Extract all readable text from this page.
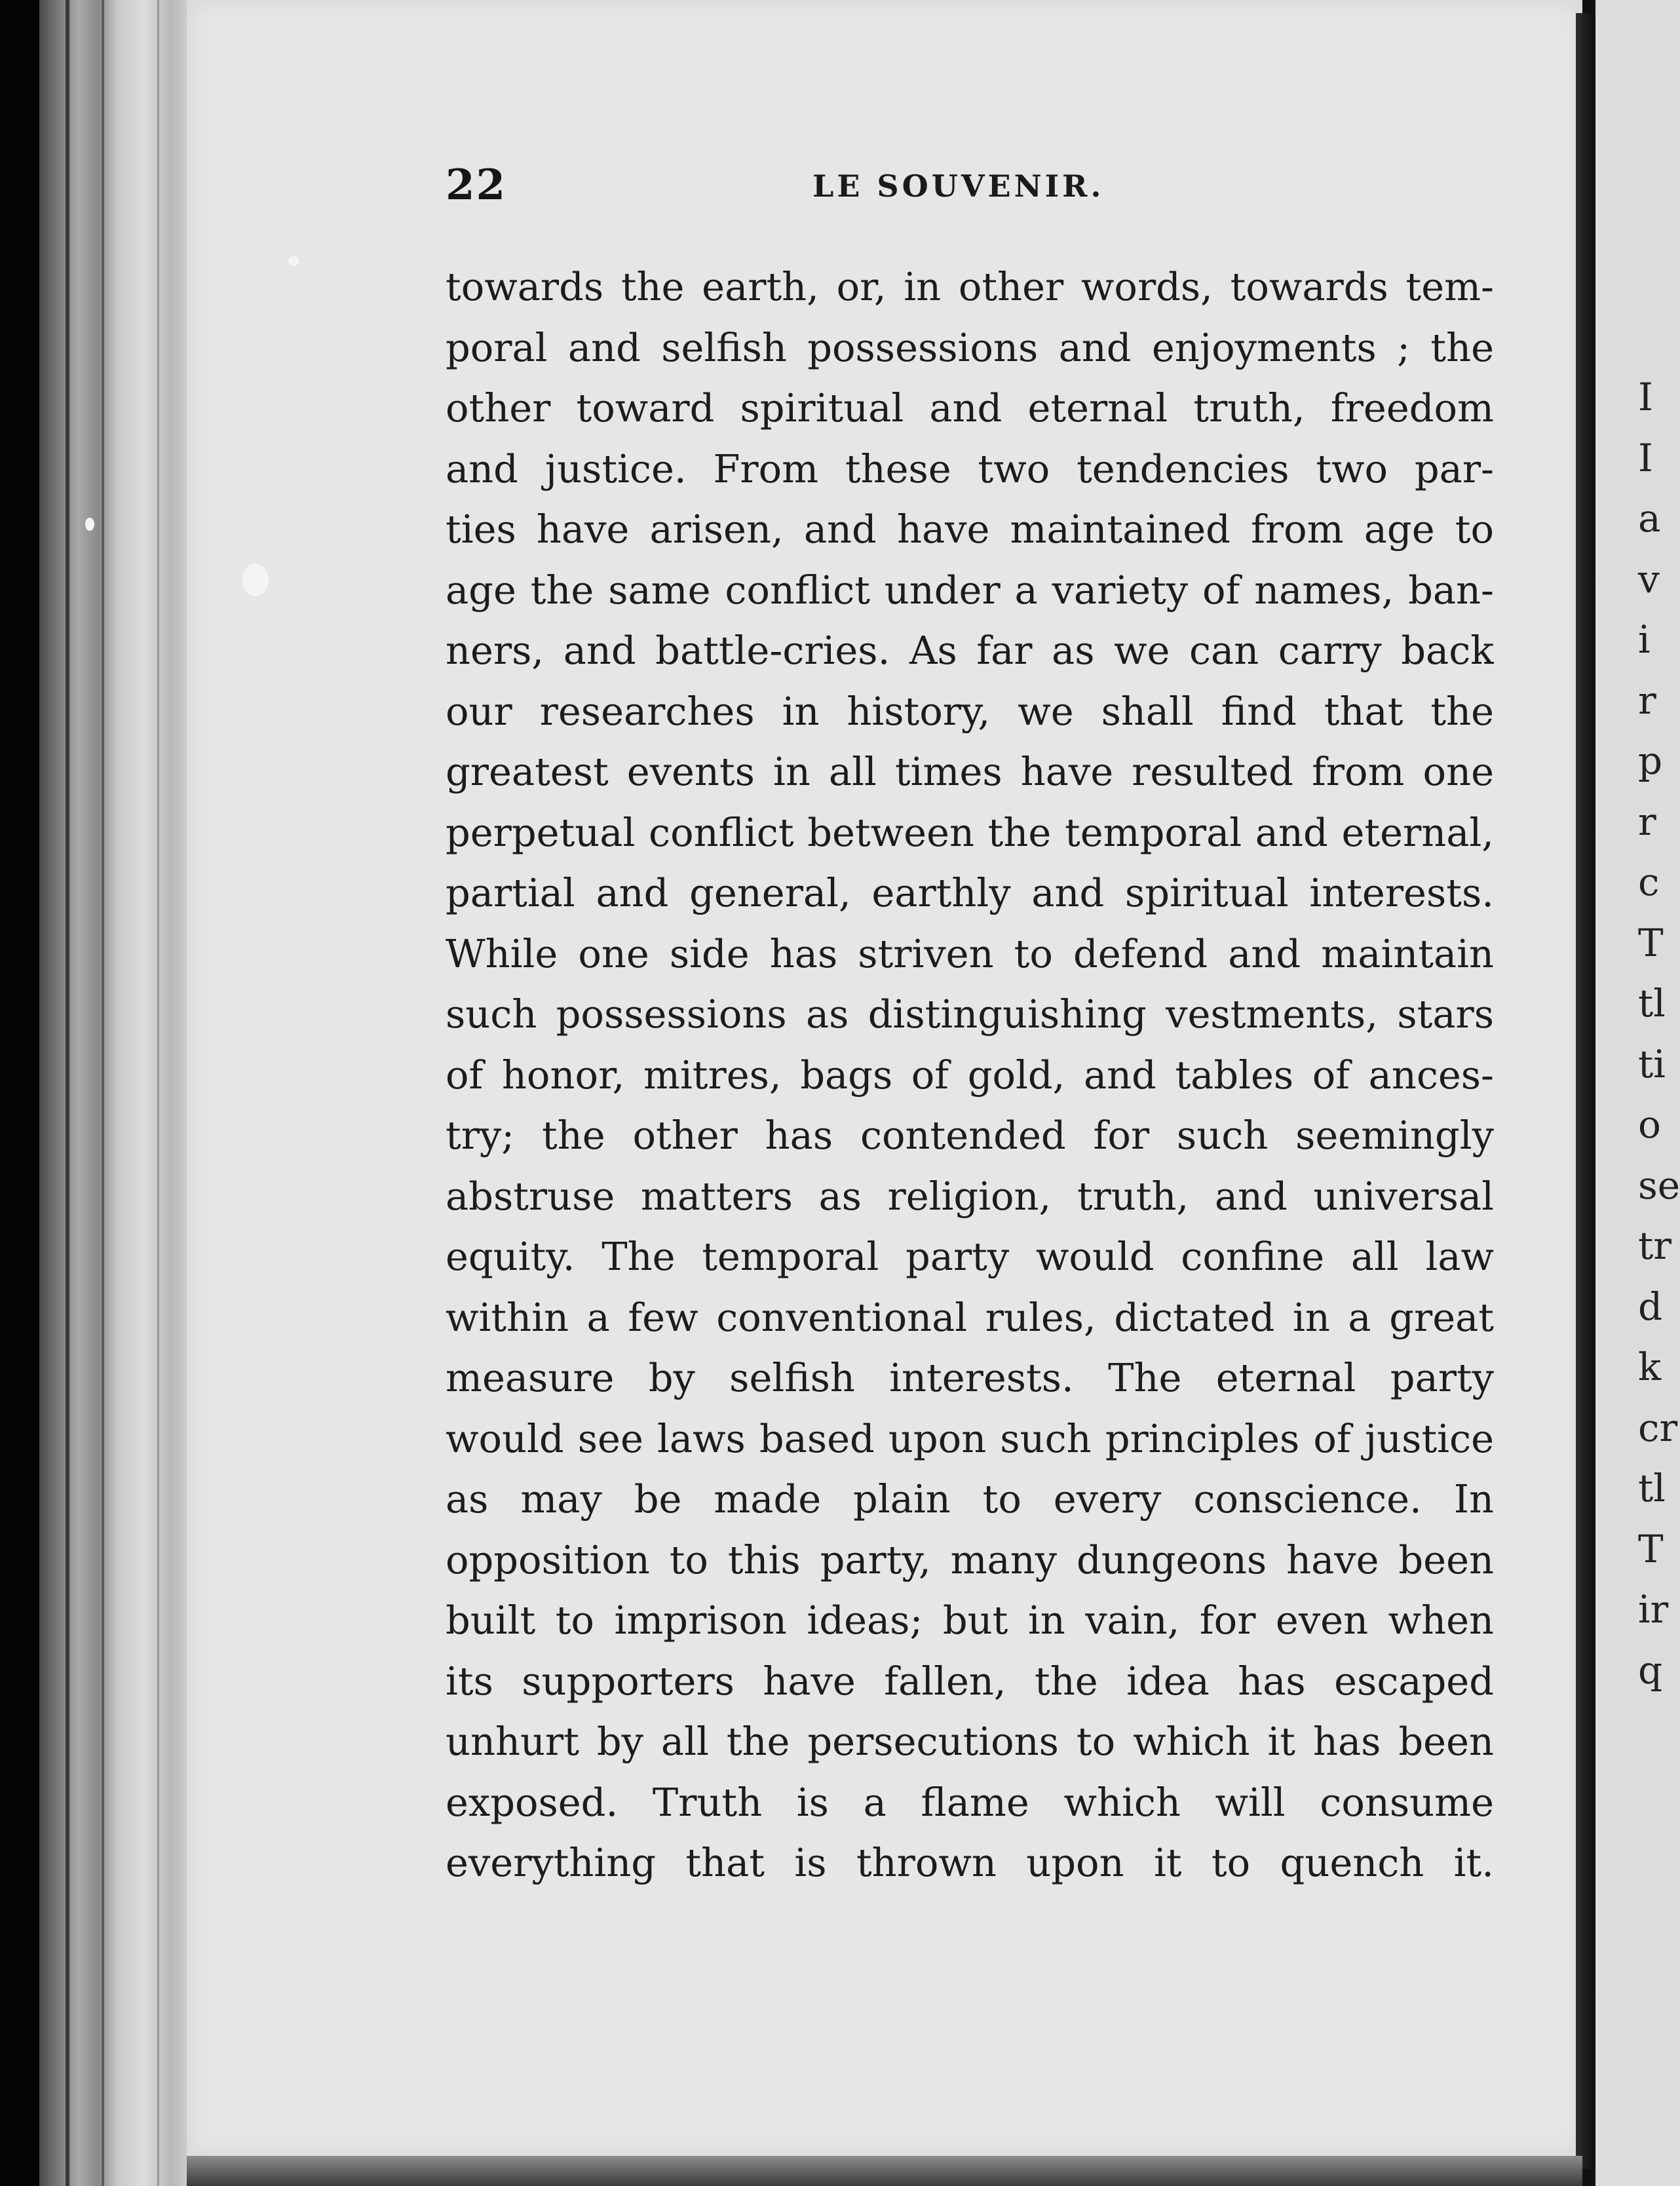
22	LE SOUVENIR.
towards the earth, or, in other words, towards tem-
poral and selfish possessions and enjoyments ; the
other toward spiritual and eternal truth, freedom
and justice. From these two tendencies two par-
ties have arisen, and have maintained from age to
age the same conflict under a variety of names, ban-
ners, and battle-cries. As far as we can carry back
our researches in history, we shall find that the
greatest events in all times have resulted from one
perpetual conflict between the temporal and eternal,
partial and general, earthly and spiritual interests.
While one side has striven to defend and maintain
such possessions as distinguishing vestments, stars
of honor, mitres, bags of gold, and tables of ances-
try; the other has contended for such seemingly
abstruse matters as religion, truth, and universal
equity. The temporal party would confine all law
within a few conventional rules, dictated in a great
measure by selfish interests. The eternal party
would see laws based upon such principles of justice
as may be made plain to every conscience. In
opposition to this party, many dungeons have been
built to imprison ideas; but in vain, for even when
its supporters have fallen, the idea has escaped
unhurt by all the persecutions to which it has been
exposed. Truth is a flame which will consume
everything that is thrown upon it to quench it.
I
I
a
v
i
r
p
r
c
T
tl
ti
o
se
tr
d
k
cr
tl
T
ir
q
